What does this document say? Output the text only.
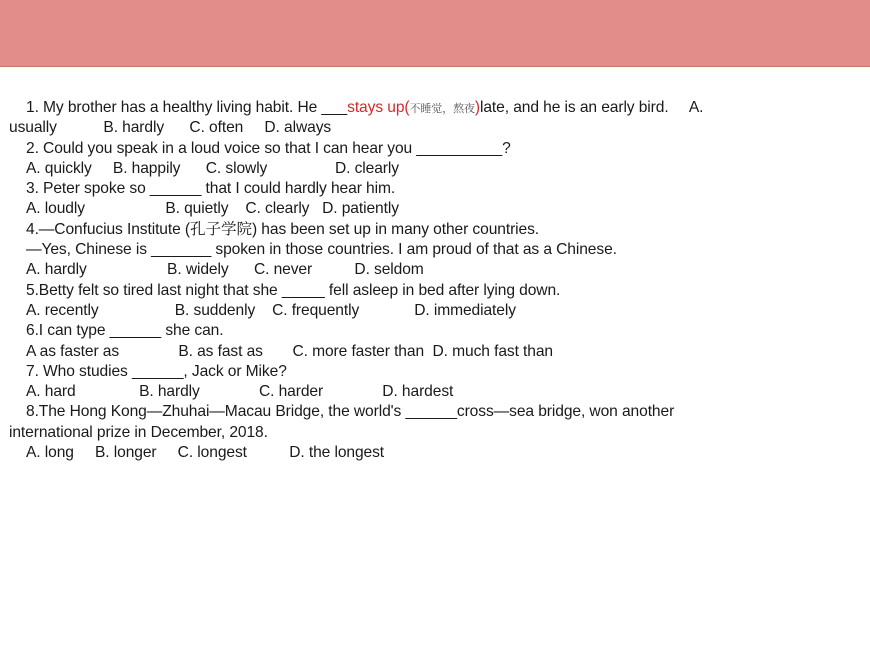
1. My brother has a healthy living habit. He ___stays up(不睡觉，熬夜)late, and he is an early bird.     A.
usually           B. hardly      C. often     D. always
2. Could you speak in a loud voice so that I can hear you __________?
A. quickly     B. happily      C. slowly                D. clearly
3. Peter spoke so ______ that I could hardly hear him.
A. loudly                   B. quietly    C. clearly   D. patiently
4.—Confucius Institute (孔子学院) has been set up in many other countries.
—Yes, Chinese is _______ spoken in those countries. I am proud of that as a Chinese.
A. hardly                   B. widely      C. never          D. seldom
5.Betty felt so tired last night that she _____ fell asleep in bed after lying down.
A. recently                  B. suddenly    C. frequently             D. immediately
6.I can type ______ she can.
A as faster as              B. as fast as       C. more faster than  D. much fast than
7. Who studies ______, Jack or Mike?
A. hard               B. hardly              C. harder              D. hardest
8.The Hong Kong—Zhuhai—Macau Bridge, the world's ______cross—sea bridge, won another
international prize in December, 2018.
A. long     B. longer     C. longest          D. the longest
